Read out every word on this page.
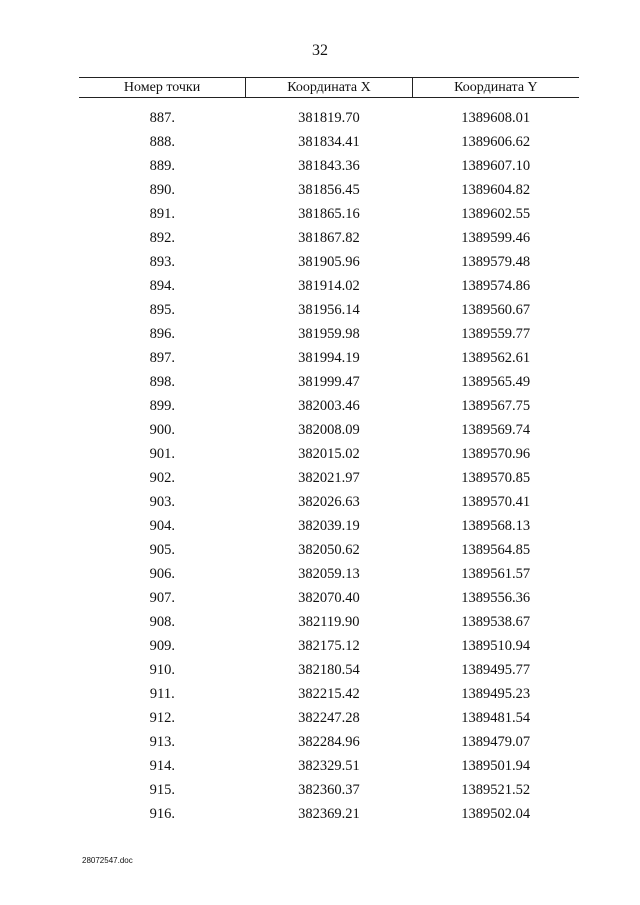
32
Номер точки	Координата X	Координата Y
887.	381819.70	1389608.01
888.	381834.41	1389606.62
889.	381843.36	1389607.10
890.	381856.45	1389604.82
891.	381865.16	1389602.55
892.	381867.82	1389599.46
893.	381905.96	1389579.48
894.	381914.02	1389574.86
895.	381956.14	1389560.67
896.	381959.98	1389559.77
897.	381994.19	1389562.61
898.	381999.47	1389565.49
899.	382003.46	1389567.75
900.	382008.09	1389569.74
901.	382015.02	1389570.96
902.	382021.97	1389570.85
903.	382026.63	1389570.41
904.	382039.19	1389568.13
905.	382050.62	1389564.85
906.	382059.13	1389561.57
907.	382070.40	1389556.36
908.	382119.90	1389538.67
909.	382175.12	1389510.94
910.	382180.54	1389495.77
911.	382215.42	1389495.23
912.	382247.28	1389481.54
913.	382284.96	1389479.07
914.	382329.51	1389501.94
915.	382360.37	1389521.52
916.	382369.21	1389502.04
28072547.doc
